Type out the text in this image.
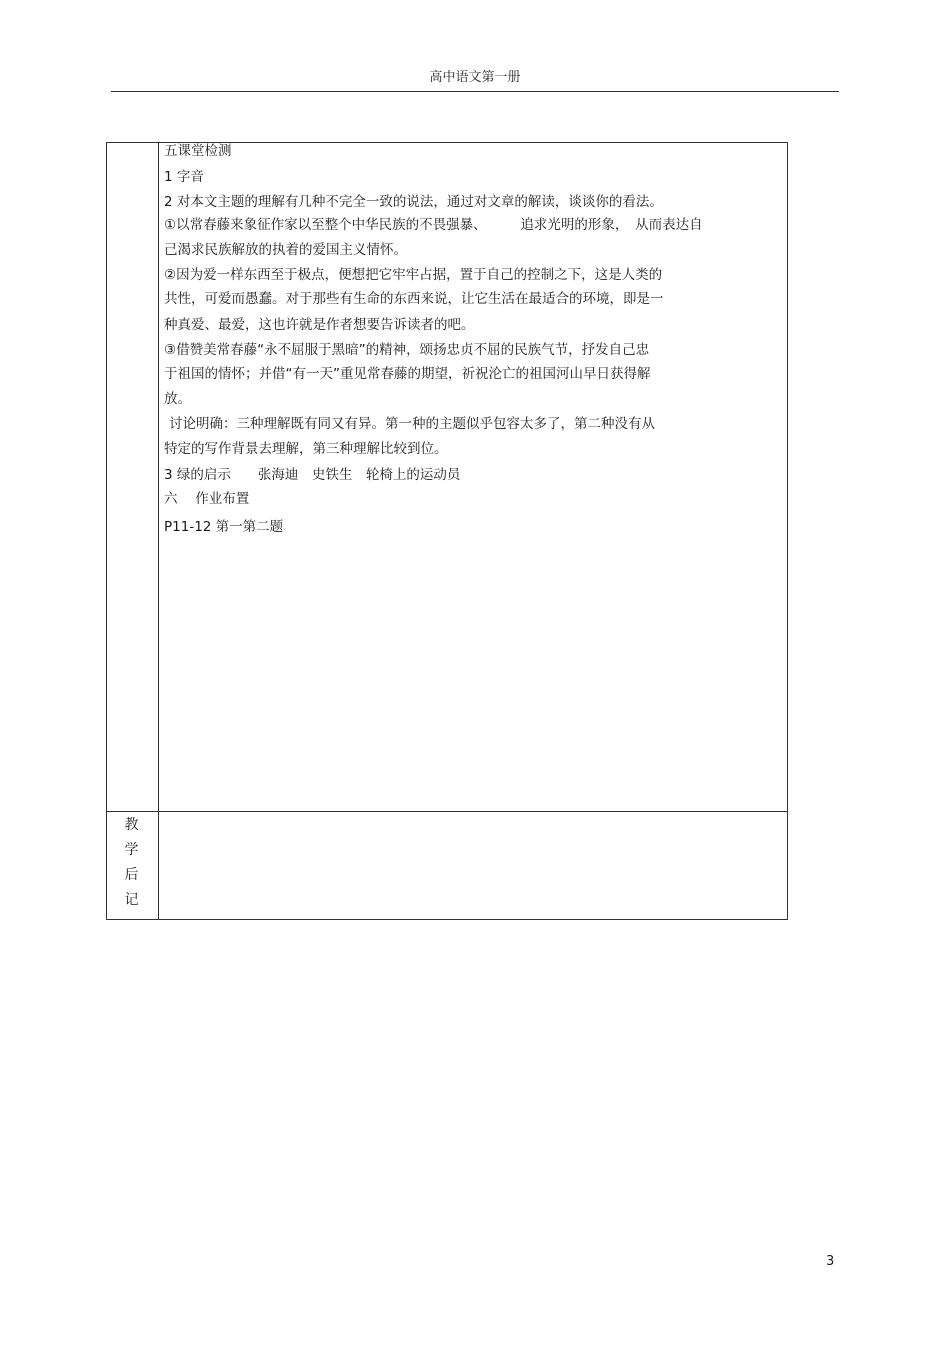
高中语文第一册
五课堂检测
1 字音
2 对本文主题的理解有几种不完全一致的说法，通过对文章的解读，谈谈你的看法。
①以常春藤来象征作家以至整个中华民族的不畏强暴、　　　追求光明的形象，　从而表达自
己渴求民族解放的执着的爱国主义情怀。
②因为爱一样东西至于极点，便想把它牢牢占据，置于自己的控制之下，这是人类的
共性，可爱而愚蠢。对于那些有生命的东西来说，让它生活在最适合的环境，即是一
种真爱、最爱，这也许就是作者想要告诉读者的吧。
③借赞美常春藤“永不屈服于黑暗”的精神，颂扬忠贞不屈的民族气节，抒发自己忠
于祖国的情怀；并借“有一天”重见常春藤的期望，祈祝沦亡的祖国河山早日获得解
放。
讨论明确：三种理解既有同又有异。第一种的主题似乎包容太多了，第二种没有从
特定的写作背景去理解，第三种理解比较到位。
3 绿的启示　　张海迪　史铁生　轮椅上的运动员
六　 作业布置
P11-12 第一第二题
教
学
后
记
3
